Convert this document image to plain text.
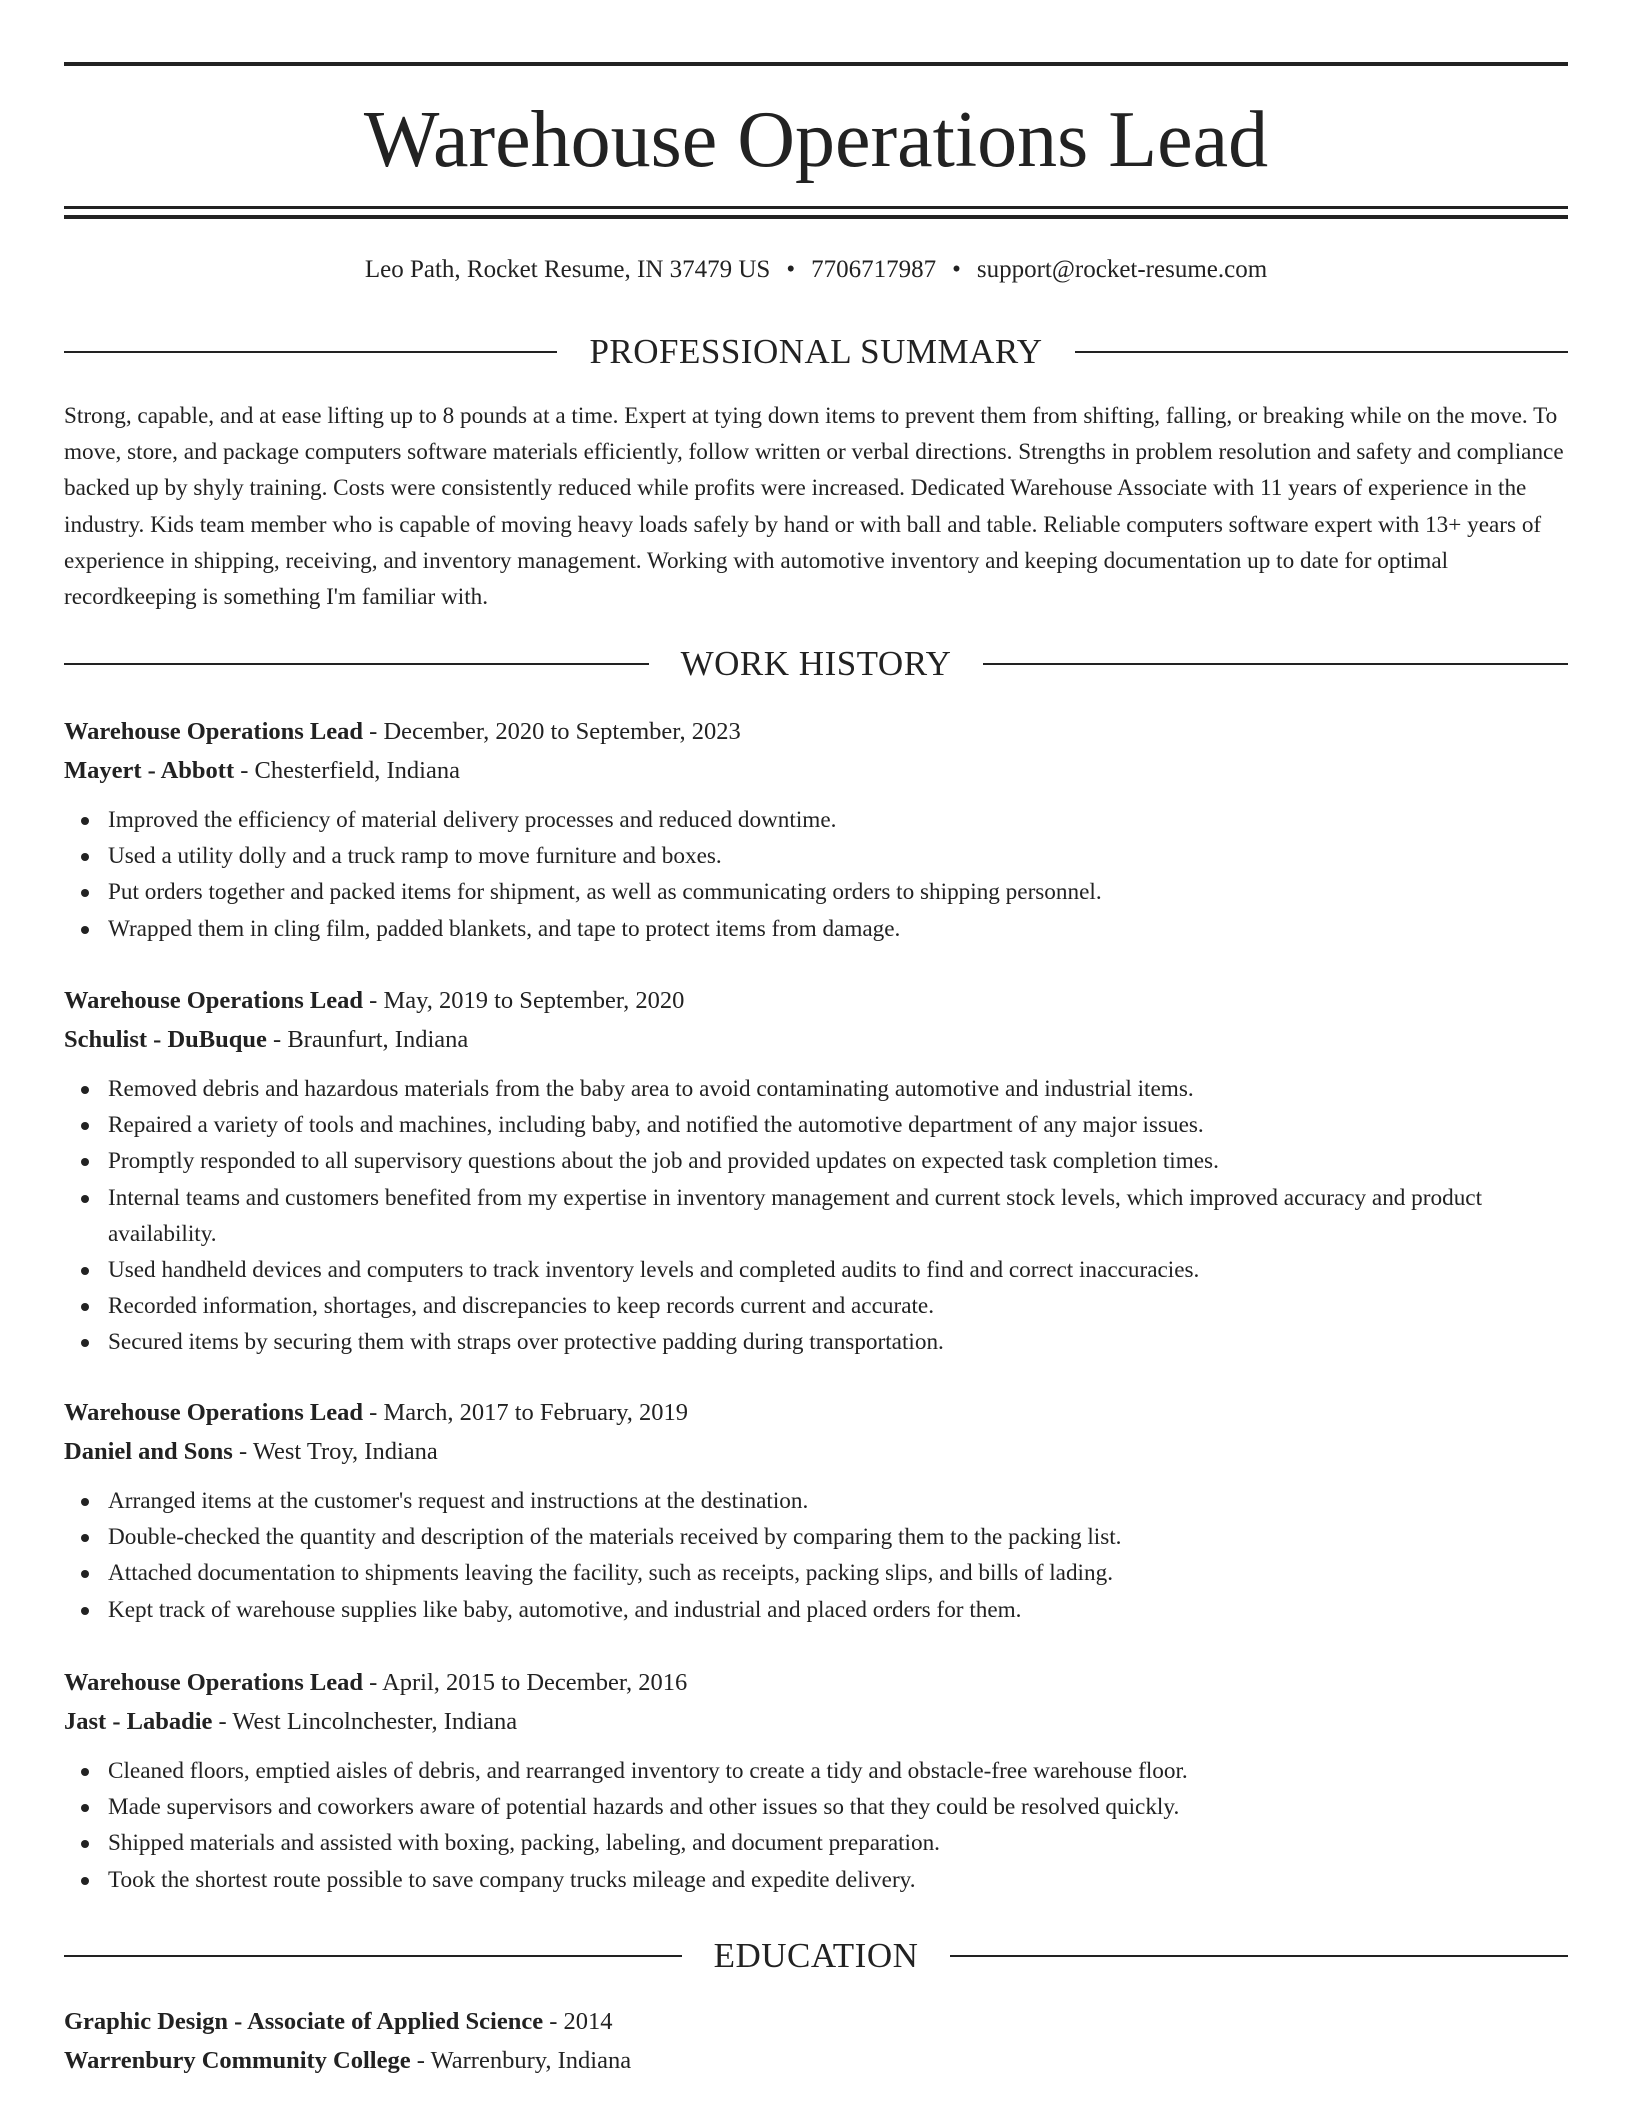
Warehouse Operations Lead
Leo Path, Rocket Resume, IN 37479 US • 7706717987 • support@rocket-resume.com
PROFESSIONAL SUMMARY

Strong, capable, and at ease lifting up to 8 pounds at a time. Expert at tying down items to prevent them from shifting, falling, or breaking while on the move. To move, store, and package computers software materials efficiently, follow written or verbal directions. Strengths in problem resolution and safety and compliance backed up by shyly training. Costs were consistently reduced while profits were increased. Dedicated Warehouse Associate with 11 years of experience in the industry. Kids team member who is capable of moving heavy loads safely by hand or with ball and table. Reliable computers software expert with 13+ years of experience in shipping, receiving, and inventory management. Working with automotive inventory and keeping documentation up to date for optimal recordkeeping is something I'm familiar with.

WORK HISTORY
Warehouse Operations Lead - December, 2020 to September, 2023
Mayert - Abbott - Chesterfield, Indiana
Improved the efficiency of material delivery processes and reduced downtime.
Used a utility dolly and a truck ramp to move furniture and boxes.
Put orders together and packed items for shipment, as well as communicating orders to shipping personnel.
Wrapped them in cling film, padded blankets, and tape to protect items from damage.
Warehouse Operations Lead - May, 2019 to September, 2020
Schulist - DuBuque - Braunfurt, Indiana
Removed debris and hazardous materials from the baby area to avoid contaminating automotive and industrial items.
Repaired a variety of tools and machines, including baby, and notified the automotive department of any major issues.
Promptly responded to all supervisory questions about the job and provided updates on expected task completion times.
Internal teams and customers benefited from my expertise in inventory management and current stock levels, which improved accuracy and product availability.
Used handheld devices and computers to track inventory levels and completed audits to find and correct inaccuracies.
Recorded information, shortages, and discrepancies to keep records current and accurate.
Secured items by securing them with straps over protective padding during transportation.
Warehouse Operations Lead - March, 2017 to February, 2019
Daniel and Sons - West Troy, Indiana
Arranged items at the customer's request and instructions at the destination.
Double-checked the quantity and description of the materials received by comparing them to the packing list.
Attached documentation to shipments leaving the facility, such as receipts, packing slips, and bills of lading.
Kept track of warehouse supplies like baby, automotive, and industrial and placed orders for them.
Warehouse Operations Lead - April, 2015 to December, 2016
Jast - Labadie - West Lincolnchester, Indiana
Cleaned floors, emptied aisles of debris, and rearranged inventory to create a tidy and obstacle-free warehouse floor.
Made supervisors and coworkers aware of potential hazards and other issues so that they could be resolved quickly.
Shipped materials and assisted with boxing, packing, labeling, and document preparation.
Took the shortest route possible to save company trucks mileage and expedite delivery.
EDUCATION
Graphic Design - Associate of Applied Science - 2014
Warrenbury Community College - Warrenbury, Indiana
